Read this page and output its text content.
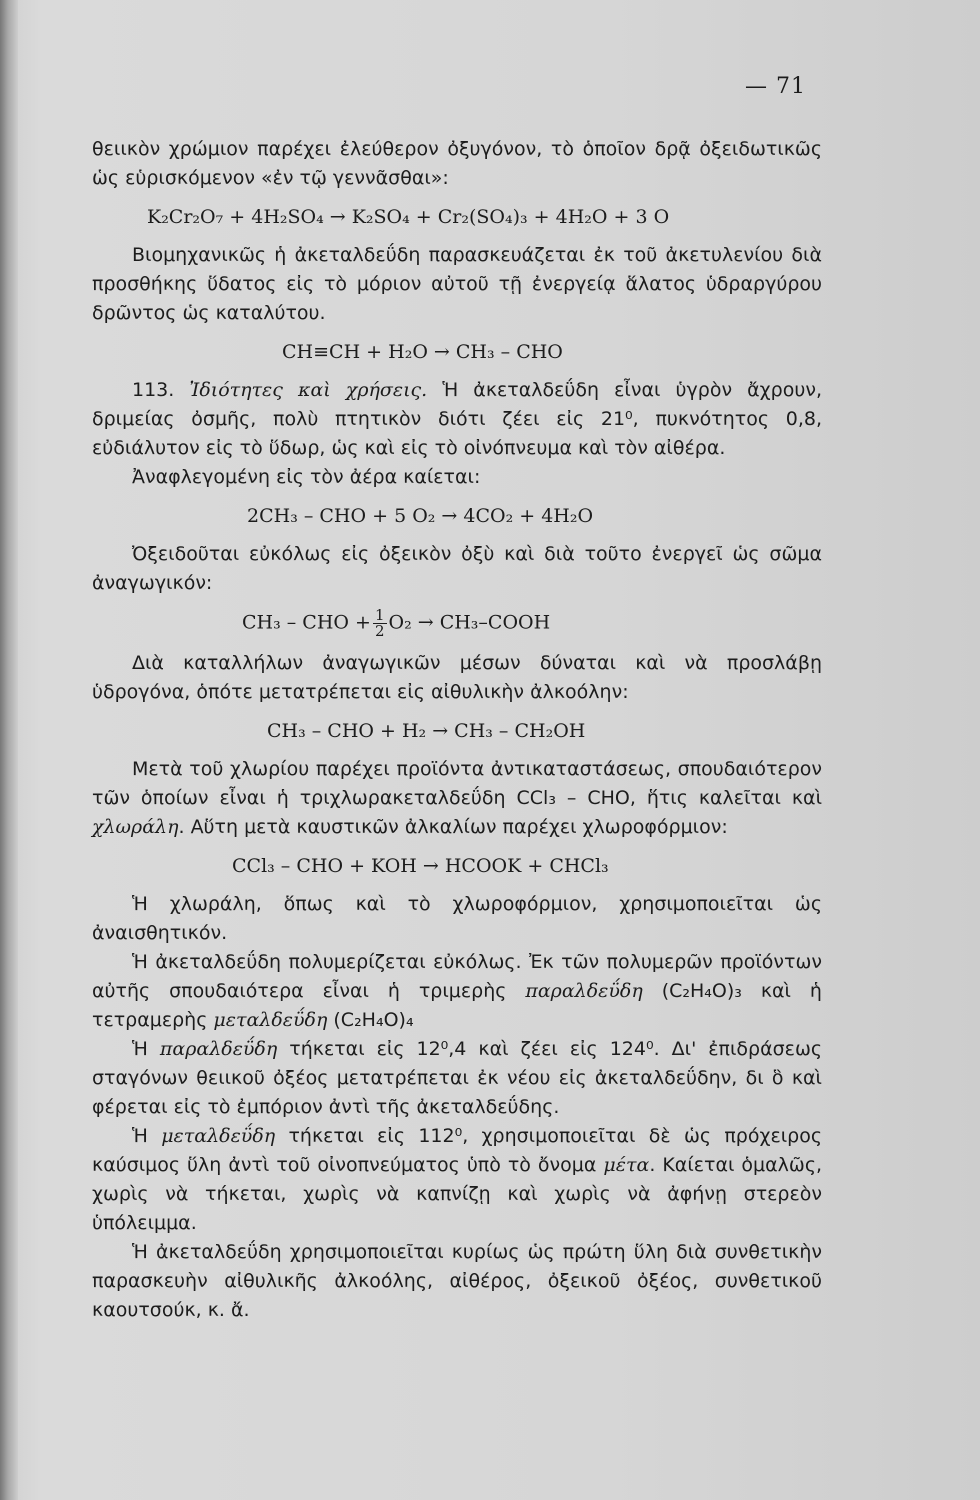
— 71

θειικὸν χρώμιον παρέχει ἐλεύθερον ὀξυγόνον, τὸ ὁποῖον δρᾷ ὀξειδωτικῶς ὡς εὑρισκόμενον «ἐν τῷ γεννᾶσθαι»:

K₂Cr₂O₇ + 4H₂SO₄ → K₂SO₄ + Cr₂(SO₄)₃ + 4H₂O + 3 O

Βιομηχανικῶς ἡ ἀκεταλδεΰδη παρασκευάζεται ἐκ τοῦ ἀκετυλενίου διὰ προσθήκης ὕδατος εἰς τὸ μόριον αὐτοῦ τῇ ἐνεργείᾳ ἅλατος ὑδραργύρου δρῶντος ὡς καταλύτου.

CH≡CH + H₂O → CH₃ – CHO

113. Ἰδιότητες καὶ χρήσεις. Ἡ ἀκεταλδεΰδη εἶναι ὑγρὸν ἄχρουν, δριμείας ὀσμῆς, πολὺ πτητικὸν διότι ζέει εἰς 21⁰, πυκνότητος 0,8, εὐδιάλυτον εἰς τὸ ὕδωρ, ὡς καὶ εἰς τὸ οἰνόπνευμα καὶ τὸν αἰθέρα.

Ἀναφλεγομένη εἰς τὸν ἀέρα καίεται:

2CH₃ – CHO + 5 O₂ → 4CO₂ + 4H₂O

Ὀξειδοῦται εὐκόλως εἰς ὀξεικὸν ὀξὺ καὶ διὰ τοῦτο ἐνεργεῖ ὡς σῶμα ἀναγωγικόν:

CH₃ – CHO + $\frac{1}{2} O_2$ → CH₃–COOH

Διὰ καταλλήλων ἀναγωγικῶν μέσων δύναται καὶ νὰ προσλάβῃ ὑδρογόνα, ὁπότε μετατρέπεται εἰς αἰθυλικὴν ἀλκοόλην:

CH₃ – CHO + H₂ → CH₃ – CH₂OH

Μετὰ τοῦ χλωρίου παρέχει προϊόντα ἀντικαταστάσεως, σπουδαιότερον τῶν ὁποίων εἶναι ἡ τριχλωρακεταλδεΰδη CCl₃ – CHO, ἥτις καλεῖται καὶ χλωράλη. Αὕτη μετὰ καυστικῶν ἀλκαλίων παρέχει χλωροφόρμιον:

CCl₃ – CHO + KOH → HCOOK + CHCl₃

Ἡ χλωράλη, ὅπως καὶ τὸ χλωροφόρμιον, χρησιμοποιεῖται ὡς ἀναισθητικόν.

Ἡ ἀκεταλδεΰδη πολυμερίζεται εὐκόλως. Ἐκ τῶν πολυμερῶν προϊόντων αὐτῆς σπουδαιότερα εἶναι ἡ τριμερὴς παραλδεΰδη (C₂H₄O)₃ καὶ ἡ τετραμερὴς μεταλδεΰδη (C₂H₄O)₄

Ἡ παραλδεΰδη τήκεται εἰς 12⁰,4 καὶ ζέει εἰς 124⁰. Δι' ἐπιδράσεως σταγόνων θειικοῦ ὀξέος μετατρέπεται ἐκ νέου εἰς ἀκεταλδεΰδην, δι ὃ καὶ φέρεται εἰς τὸ ἐμπόριον ἀντὶ τῆς ἀκεταλδεΰδης.

Ἡ μεταλδεΰδη τήκεται εἰς 112⁰, χρησιμοποιεῖται δὲ ὡς πρόχειρος καύσιμος ὕλη ἀντὶ τοῦ οἰνοπνεύματος ὑπὸ τὸ ὄνομα μέτα. Καίεται ὁμαλῶς, χωρὶς νὰ τήκεται, χωρὶς νὰ καπνίζῃ καὶ χωρὶς νὰ ἀφήνῃ στερεὸν ὑπόλειμμα.

Ἡ ἀκεταλδεΰδη χρησιμοποιεῖται κυρίως ὡς πρώτη ὕλη διὰ συνθετικὴν παρασκευὴν αἰθυλικῆς ἀλκοόλης, αἰθέρος, ὀξεικοῦ ὀξέος, συνθετικοῦ καουτσούκ, κ. ἄ.
